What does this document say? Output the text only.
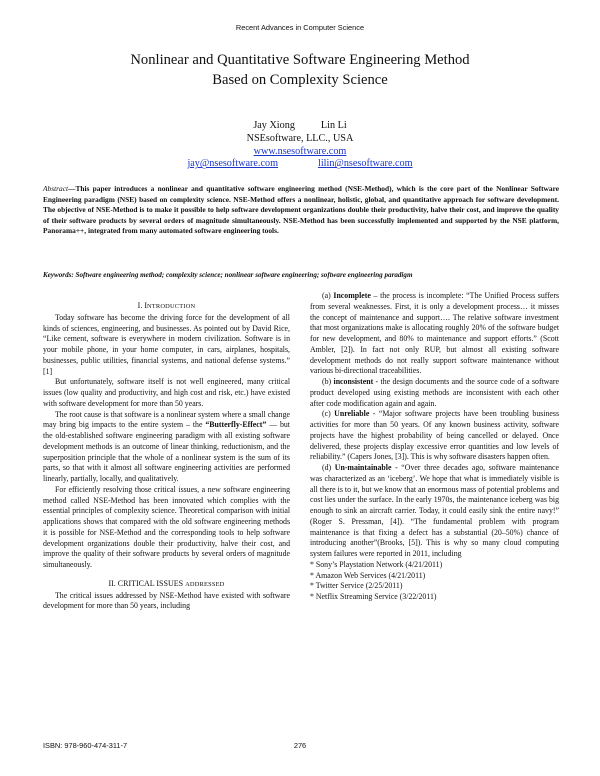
Recent Advances in Computer Science
Nonlinear and Quantitative Software Engineering Method
Based on Complexity Science
Jay Xiong	Lin Li
NSEsoftware, LLC., USA
www.nsesoftware.com
jay@nsesoftware.com	lilin@nsesoftware.com
Abstract—This paper introduces a nonlinear and quantitative software engineering method (NSE-Method), which is the core part of the Nonlinear Software Engineering paradigm (NSE) based on complexity science. NSE-Method offers a nonlinear, holistic, global, and quantitative approach for software development. The objective of NSE-Method is to make it possible to help software development organizations double their productivity, halve their cost, and improve the quality of their software products by several orders of magnitude simultaneously. NSE-Method has been successfully implemented and supported by the NSE platform, Panorama++, integrated from many automated software engineering tools.
Keywords: Software engineering method; complexity science; nonlinear software engineering; software engineering paradigm

I. INTRODUCTION

Today software has become the driving force for the development of all kinds of sciences, engineering, and businesses. As pointed out by David Rice, “Like cement, software is everywhere in modern civilization. Software is in your mobile phone, in your home computer, in cars, airplanes, hospitals, businesses, public utilities, financial systems, and national defense systems.” [1]

But unfortunately, software itself is not well engineered, many critical issues (low quality and productivity, and high cost and risk, etc.) have existed with software development for more than 50 years.

The root cause is that software is a nonlinear system where a small change may bring big impacts to the entire system – the “Butterfly-Effect” — but the old-established software engineering paradigm with all existing software development methods is an outcome of linear thinking, reductionism, and the superposition principle that the whole of a nonlinear system is the sum of its parts, so that with it almost all software engineering activities are performed linearly, partially, locally, and qualitatively.

For efficiently resolving those critical issues, a new software engineering method called NSE-Method has been innovated which complies with the essential principles of complexity science. Theoretical comparison with initial applications shows that compared with the old software engineering methods it is possible for NSE-Method and the corresponding tools to help software development organizations double their productivity, halve their cost, and improve the quality of their software products by several orders of magnitude simultaneously.

II. CRITICAL ISSUES ADDRESSED

The critical issues addressed by NSE-Method have existed with software development for more than 50 years, including

(a) Incomplete – the process is incomplete: “The Unified Process suffers from several weaknesses. First, it is only a development process… it misses the concept of maintenance and support…. The relative software investment that most organizations make is allocating roughly 20% of the software budget for new development, and 80% to maintenance and support efforts.” (Scott Ambler, [2]). In fact not only RUP, but almost all existing software development methods do not really support software maintenance without various bi-directional traceabilities.

(b) inconsistent - the design documents and the source code of a software product developed using existing methods are inconsistent with each other after code modification again and again.

(c) Unreliable - “Major software projects have been troubling business activities for more than 50 years. Of any known business activity, software projects have the highest probability of being cancelled or delayed. Once delivered, these projects display excessive error quantities and low levels of reliability.” (Capers Jones, [3]). This is why software disasters happen often.

(d) Un-maintainable - “Over three decades ago, software maintenance was characterized as an ‘iceberg’. We hope that what is immediately visible is all there is to it, but we know that an enormous mass of potential problems and cost lies under the surface. In the early 1970s, the maintenance iceberg was big enough to sink an aircraft carrier. Today, it could easily sink the entire navy!” (Roger S. Pressman, [4]). “The fundamental problem with program maintenance is that fixing a defect has a substantial (20–50%) chance of introducing another”(Brooks, [5]). This is why so many cloud computing system failures were reported in 2011, including

* Sony’s Playstation Network (4/21/2011)

* Amazon Web Services (4/21/2011)

* Twitter Service (2/25/2011)

* Netflix Streaming Service (3/22/2011)

ISBN: 978-960-474-311-7	276
